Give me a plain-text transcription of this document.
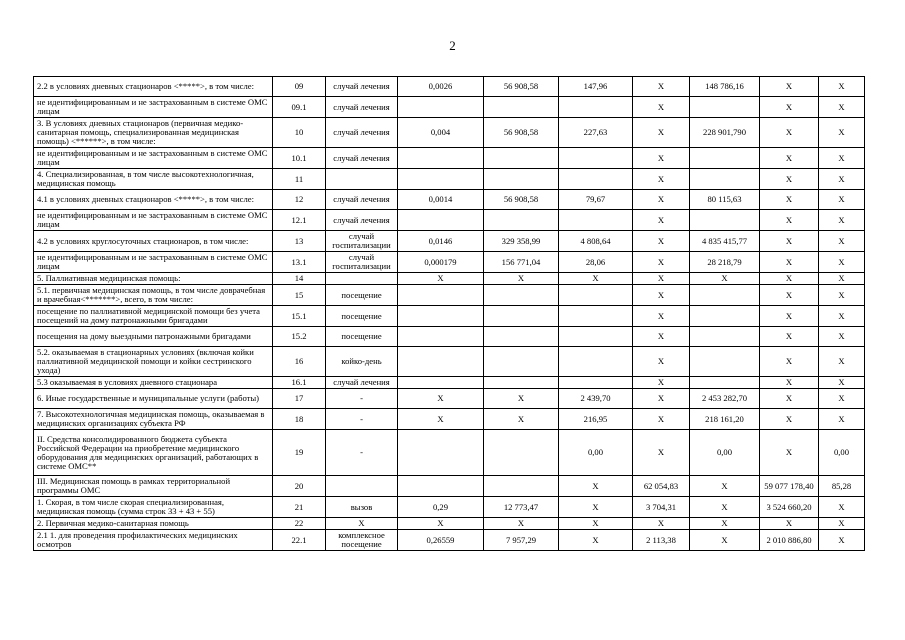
2
2.2 в условиях дневных стационаров <*****>, в том числе:	09	случай лечения	0,0026	56 908,58	147,96	X	148 786,16	X	X
не идентифицированным и не застрахованным в системе ОМС лицам	09.1	случай лечения				X		X	X
3. В условиях дневных стационаров (первичная медико-санитарная помощь, специализированная медицинская помощь) <******>, в том числе:	10	случай лечения	0,004	56 908,58	227,63	X	228 901,790	X	X
не идентифицированным и не застрахованным в системе ОМС лицам	10.1	случай лечения				X		X	X
4. Специализированная, в том числе высокотехнологичная, медицинская помощь	11					X		X	X
4.1 в условиях дневных стационаров <*****>, в том числе:	12	случай лечения	0,0014	56 908,58	79,67	X	80 115,63	X	X
не идентифицированным и не застрахованным в системе ОМС лицам	12.1	случай лечения				X		X	X
4.2 в условиях круглосуточных стационаров, в том числе:	13	случай госпитализации	0,0146	329 358,99	4 808,64	X	4 835 415,77	X	X
не идентифицированным и не застрахованным в системе ОМС лицам	13.1	случай госпитализации	0,000179	156 771,04	28,06	X	28 218,79	X	X
5. Паллиативная медицинская помощь:	14		X	X	X	X	X	X	X
5.1. первичная медицинская помощь, в том числе доврачебная и врачебная<*******>, всего, в том числе:	15	посещение				X		X	X
посещение по паллиативной медицинской помощи без учета посещений на дому патронажными бригадами	15.1	посещение				X		X	X
посещения на дому выездными патронажными бригадами	15.2	посещение				X		X	X
5.2. оказываемая в стационарных условиях (включая койки паллиативной медицинской помощи и койки сестринского ухода)	16	койко-день				X		X	X
5.3 оказываемая в условиях дневного стационара	16.1	случай лечения				X		X	X
6. Иные государственные и муниципальные услуги (работы)	17	-	X	X	2 439,70	X	2 453 282,70	X	X
7. Высокотехнологичная медицинская помощь, оказываемая в медицинских организациях субъекта РФ	18	-	X	X	216,95	X	218 161,20	X	X
II. Средства консолидированного бюджета субъекта Российской Федерации на приобретение медицинского оборудования для медицинских организаций, работающих в системе ОМС**	19	-			0,00	X	0,00	X	0,00
III. Медицинская помощь в рамках территориальной программы ОМС	20				X	62 054,83	X	59 077 178,40	85,28
1. Скорая, в том числе скорая специализированная, медицинская помощь (сумма строк 33 + 43 + 55)	21	вызов	0,29	12 773,47	X	3 704,31	X	3 524 660,20	X
2. Первичная медико-санитарная помощь	22	X	X	X	X	X	X	X	X
2.1 1. для проведения профилактических медицинских осмотров	22.1	комплексное посещение	0,26559	7 957,29	X	2 113,38	X	2 010 886,80	X
